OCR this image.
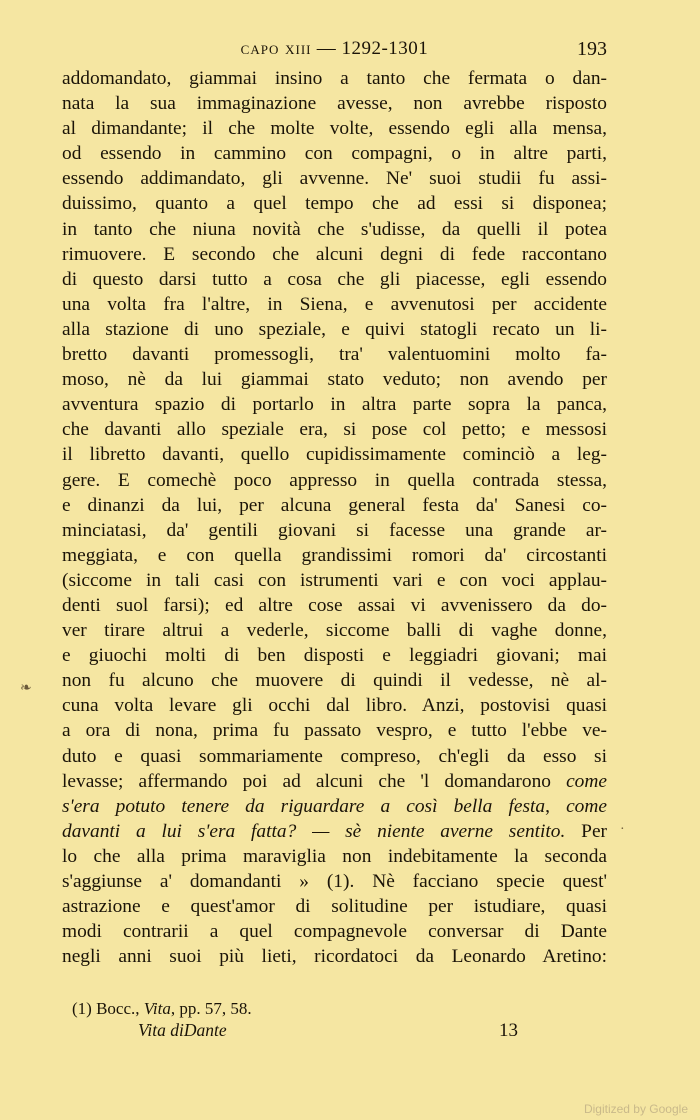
capo xiii — 1292-1301	193
addomandato, giammai insino a tanto che fermata o dan-
nata la sua immaginazione avesse, non avrebbe risposto
al dimandante; il che molte volte, essendo egli alla mensa,
od essendo in cammino con compagni, o in altre parti,
essendo addimandato, gli avvenne. Ne' suoi studii fu assi-
duissimo, quanto a quel tempo che ad essi si disponea;
in tanto che niuna novità che s'udisse, da quelli il potea
rimuovere. E secondo che alcuni degni di fede raccontano
di questo darsi tutto a cosa che gli piacesse, egli essendo
una volta fra l'altre, in Siena, e avvenutosi per accidente
alla stazione di uno speziale, e quivi statogli recato un li-
bretto davanti promessogli, tra' valentuomini molto fa-
moso, nè da lui giammai stato veduto; non avendo per
avventura spazio di portarlo in altra parte sopra la panca,
che davanti allo speziale era, si pose col petto; e messosi
il libretto davanti, quello cupidissimamente cominciò a leg-
gere. E comechè poco appresso in quella contrada stessa,
e dinanzi da lui, per alcuna general festa da' Sanesi co-
minciatasi, da' gentili giovani si facesse una grande ar-
meggiata, e con quella grandissimi romori da' circostanti
(siccome in tali casi con istrumenti vari e con voci applau-
denti suol farsi); ed altre cose assai vi avvenissero da do-
ver tirare altrui a vederle, siccome balli di vaghe donne,
e giuochi molti di ben disposti e leggiadri giovani; mai
non fu alcuno che muovere di quindi il vedesse, nè al-
cuna volta levare gli occhi dal libro. Anzi, postovisi quasi
a ora di nona, prima fu passato vespro, e tutto l'ebbe ve-
duto e quasi sommariamente compreso, ch'egli da esso si
levasse; affermando poi ad alcuni che 'l domandarono come
s'era potuto tenere da riguardare a così bella festa, come
davanti a lui s'era fatta? — sè niente averne sentito. Per
lo che alla prima maraviglia non indebitamente la seconda
s'aggiunse a' domandanti » (1). Nè facciano specie quest'
astrazione e quest'amor di solitudine per istudiare, quasi
modi contrarii a quel compagnevole conversar di Dante
negli anni suoi più lieti, ricordatoci da Leonardo Aretino:
❧
·
(1) Bocc., Vita, pp. 57, 58.
Vita diDante	13
Digitized by Google
